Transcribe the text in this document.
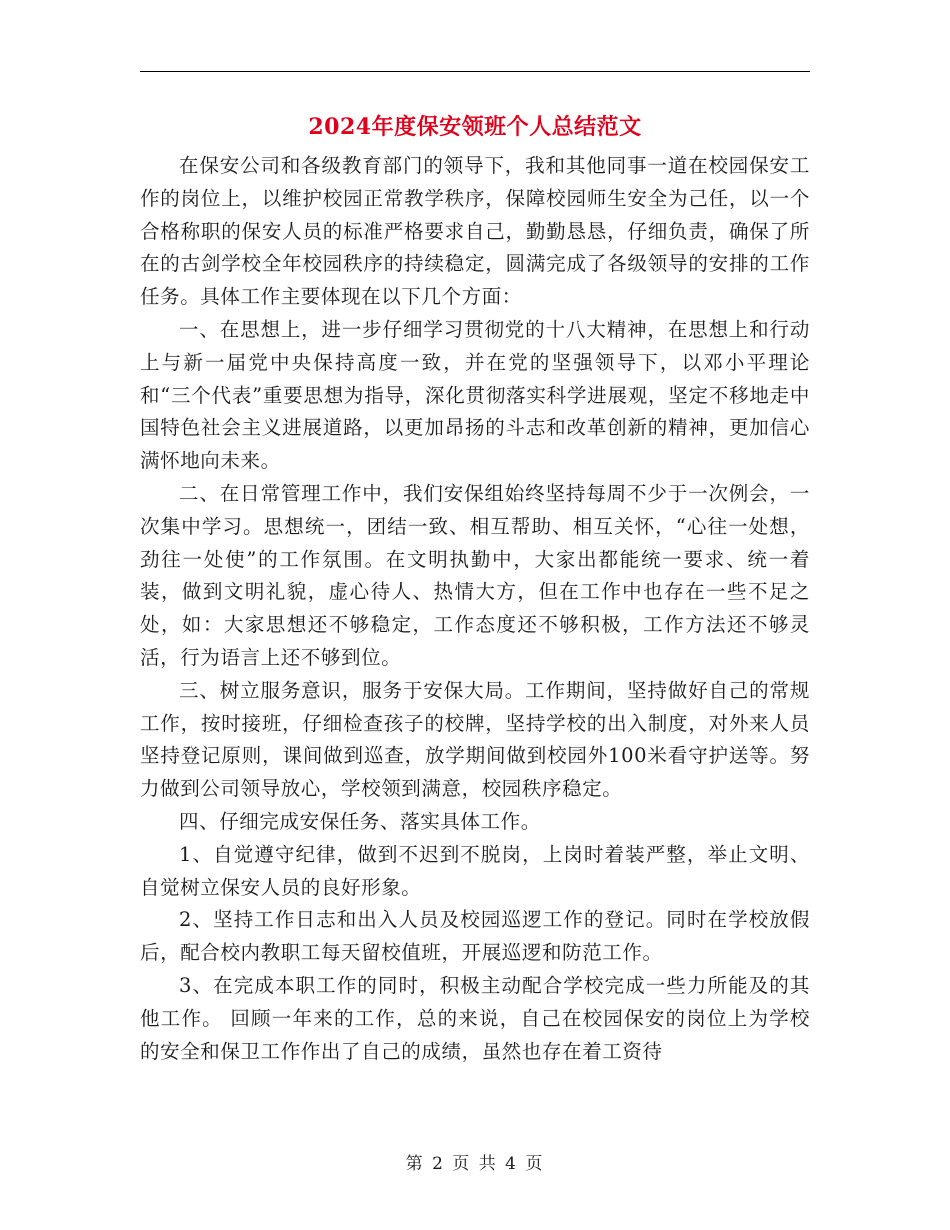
2024年度保安领班个人总结范文

在保安公司和各级教育部门的领导下，我和其他同事一道在校园保安工作的岗位上，以维护校园正常教学秩序，保障校园师生安全为己任，以一个合格称职的保安人员的标准严格要求自己，勤勤恳恳，仔细负责，确保了所在的古剑学校全年校园秩序的持续稳定，圆满完成了各级领导的安排的工作任务。具体工作主要体现在以下几个方面：

一、在思想上，进一步仔细学习贯彻党的十八大精神，在思想上和行动上与新一届党中央保持高度一致，并在党的坚强领导下，以邓小平理论和“三个代表”重要思想为指导，深化贯彻落实科学进展观，坚定不移地走中国特色社会主义进展道路，以更加昂扬的斗志和改革创新的精神，更加信心满怀地向未来。

二、在日常管理工作中，我们安保组始终坚持每周不少于一次例会，一次集中学习。思想统一，团结一致、相互帮助、相互关怀，“心往一处想，劲往一处使”的工作氛围。在文明执勤中，大家出都能统一要求、统一着装，做到文明礼貌，虚心待人、热情大方，但在工作中也存在一些不足之处，如：大家思想还不够稳定，工作态度还不够积极，工作方法还不够灵活，行为语言上还不够到位。

三、树立服务意识，服务于安保大局。工作期间，坚持做好自己的常规工作，按时接班，仔细检查孩子的校牌，坚持学校的出入制度，对外来人员坚持登记原则，课间做到巡查，放学期间做到校园外100米看守护送等。努力做到公司领导放心，学校领到满意，校园秩序稳定。

四、仔细完成安保任务、落实具体工作。

1、自觉遵守纪律，做到不迟到不脱岗，上岗时着装严整，举止文明、自觉树立保安人员的良好形象。

2、坚持工作日志和出入人员及校园巡逻工作的登记。同时在学校放假后，配合校内教职工每天留校值班，开展巡逻和防范工作。

3、在完成本职工作的同时，积极主动配合学校完成一些力所能及的其他工作。 回顾一年来的工作，总的来说，自己在校园保安的岗位上为学校的安全和保卫工作作出了自己的成绩，虽然也存在着工资待

第 2 页 共 4 页
